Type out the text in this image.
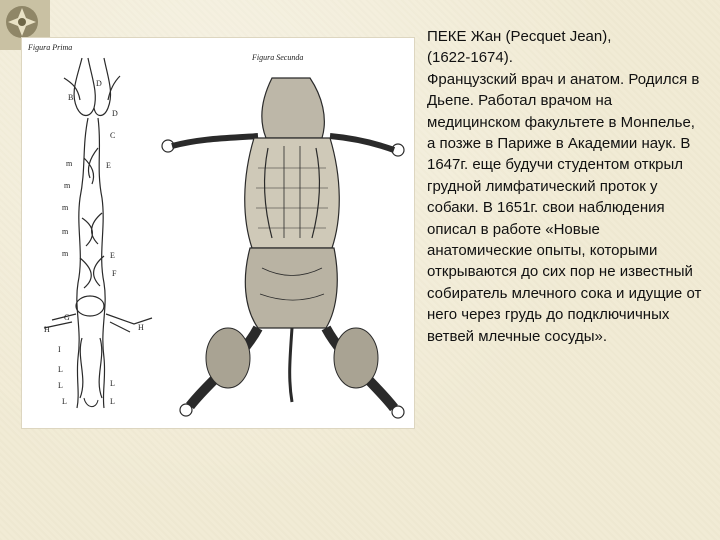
D
D
B
C
E
m
m
m
m
m	E
F
G
H	H
I
L
L	L
L	L
Figura Prima
Figura Secunda

ПЕКЕ Жан (Pecquet Jean),

(1622-1674).

Французский врач и анатом. Родился в Дьепе. Работал врачом на медицинском факультете в Монпелье, а позже в Париже в Академии наук. В 1647г. еще будучи студентом открыл грудной лимфатический проток у собаки. В 1651г. свои наблюдения описал в работе «Новые анатомические опыты, которыми открываются до сих пор не известный собиратель млечного сока и идущие от него через грудь до подключичных ветвей млечные сосуды».
